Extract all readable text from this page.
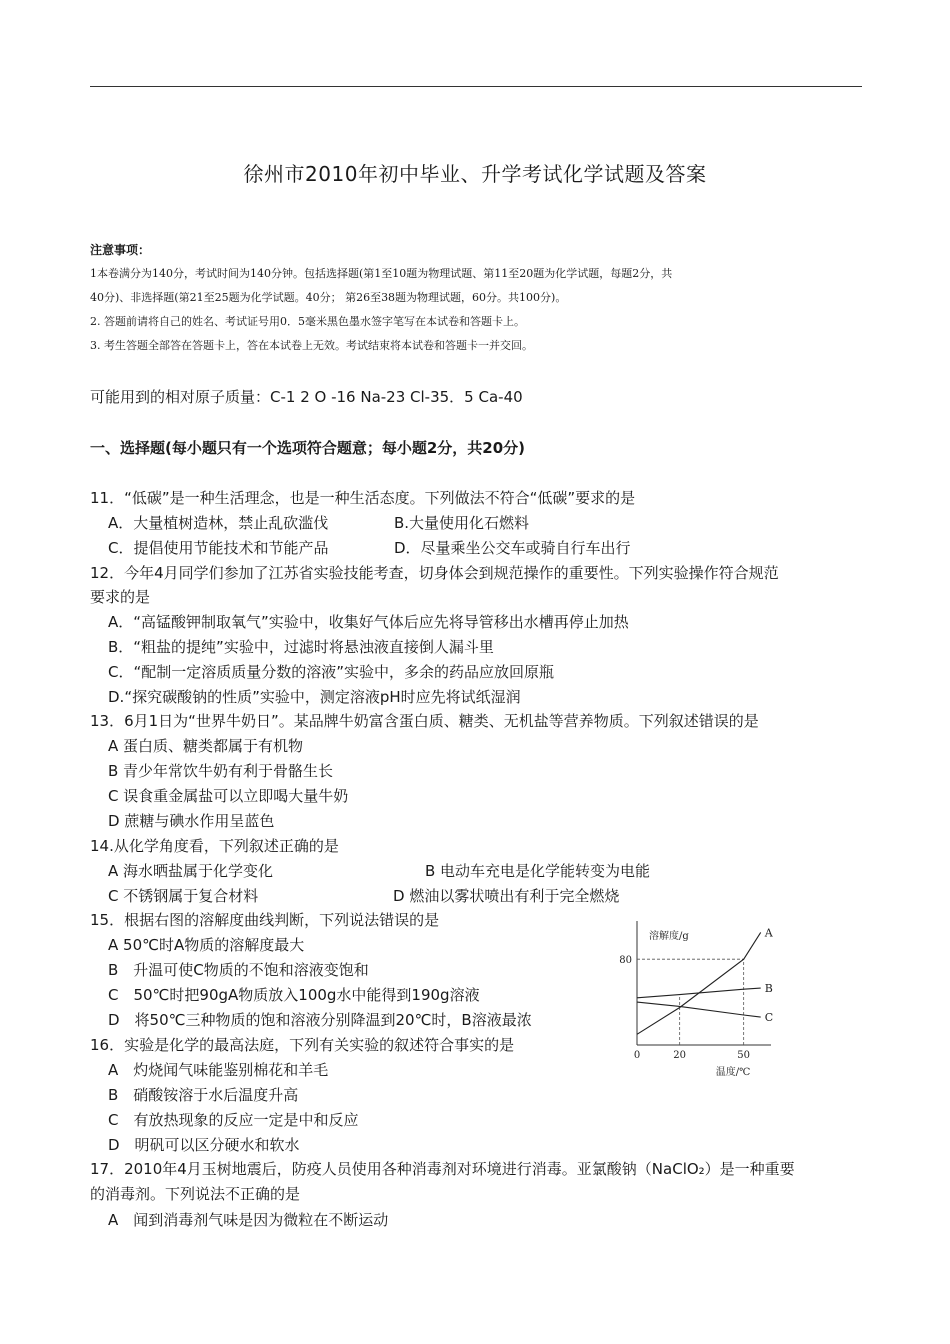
徐州市2010年初中毕业、升学考试化学试题及答案
注意事项：
1本卷满分为140分，考试时间为140分钟。包括选择题(第1至10题为物理试题、第11至20题为化学试题，每题2分，共
40分)、非选择题(第21至25题为化学试题。40分； 第26至38题为物理试题，60分。共100分)。
2. 答题前请将自己的姓名、考试证号用0．5毫米黑色墨水签字笔写在本试卷和答题卡上。
3. 考生答题全部答在答题卡上，答在本试卷上无效。考试结束将本试卷和答题卡一并交回。
可能用到的相对原子质量：C-1 2 O -16 Na-23 Cl-35．5 Ca-40
一、选择题(每小题只有一个选项符合题意；每小题2分，共20分)
11．“低碳”是一种生活理念，也是一种生活态度。下列做法不符合“低碳”要求的是
A．大量植树造林，禁止乱砍滥伐	B.大量使用化石燃料
C．提倡使用节能技术和节能产品	D．尽量乘坐公交车或骑自行车出行
12．今年4月同学们参加了江苏省实验技能考查，切身体会到规范操作的重要性。下列实验操作符合规范
要求的是
A．“高锰酸钾制取氧气”实验中，收集好气体后应先将导管移出水槽再停止加热
B．“粗盐的提纯”实验中，过滤时将悬浊液直接倒人漏斗里
C．“配制一定溶质质量分数的溶液”实验中，多余的药品应放回原瓶
D.“探究碳酸钠的性质”实验中，测定溶液pH时应先将试纸湿润
13．6月1日为“世界牛奶日”。某品牌牛奶富含蛋白质、糖类、无机盐等营养物质。下列叙述错误的是
A 蛋白质、糖类都属于有机物
B 青少年常饮牛奶有利于骨骼生长
C 误食重金属盐可以立即喝大量牛奶
D 蔗糖与碘水作用呈蓝色
14.从化学角度看，下列叙述正确的是
A 海水晒盐属于化学变化	B 电动车充电是化学能转变为电能
C 不锈钢属于复合材料	D 燃油以雾状喷出有利于完全燃烧
15．根据右图的溶解度曲线判断，下列说法错误的是
A 50℃时A物质的溶解度最大
B　升温可使C物质的不饱和溶液变饱和
C　50℃时把90gA物质放入100g水中能得到190g溶液
D　将50℃三种物质的饱和溶液分别降温到20℃时，B溶液最浓
16．实验是化学的最高法庭，下列有关实验的叙述符合事实的是
A　灼烧闻气味能鉴别棉花和羊毛
B　硝酸铵溶于水后温度升高
C　有放热现象的反应一定是中和反应
D　明矾可以区分硬水和软水
17．2010年4月玉树地震后，防疫人员使用各种消毒剂对环境进行消毒。亚氯酸钠（NaClO₂）是一种重要
的消毒剂。下列说法不正确的是
A　闻到消毒剂气味是因为微粒在不断运动
A
B
C
0	20	50
80
溶解度/g
温度/℃
